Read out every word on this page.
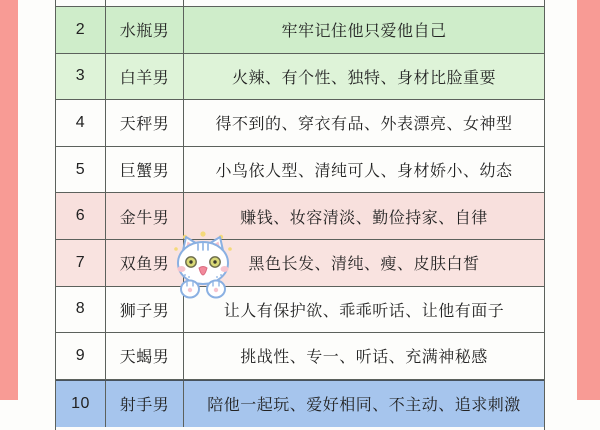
2	水瓶男	牢牢记住他只爱他自己
3	白羊男	火辣、有个性、独特、身材比脸重要
4	天秤男	得不到的、穿衣有品、外表漂亮、女神型
5	巨蟹男	小鸟依人型、清纯可人、身材娇小、幼态
6	金牛男	赚钱、妆容清淡、勤俭持家、自律
7	双鱼男	黑色长发、清纯、瘦、皮肤白皙
8	狮子男	让人有保护欲、乖乖听话、让他有面子
9	天蝎男	挑战性、专一、听话、充满神秘感
10	射手男	陪他一起玩、爱好相同、不主动、追求刺激
